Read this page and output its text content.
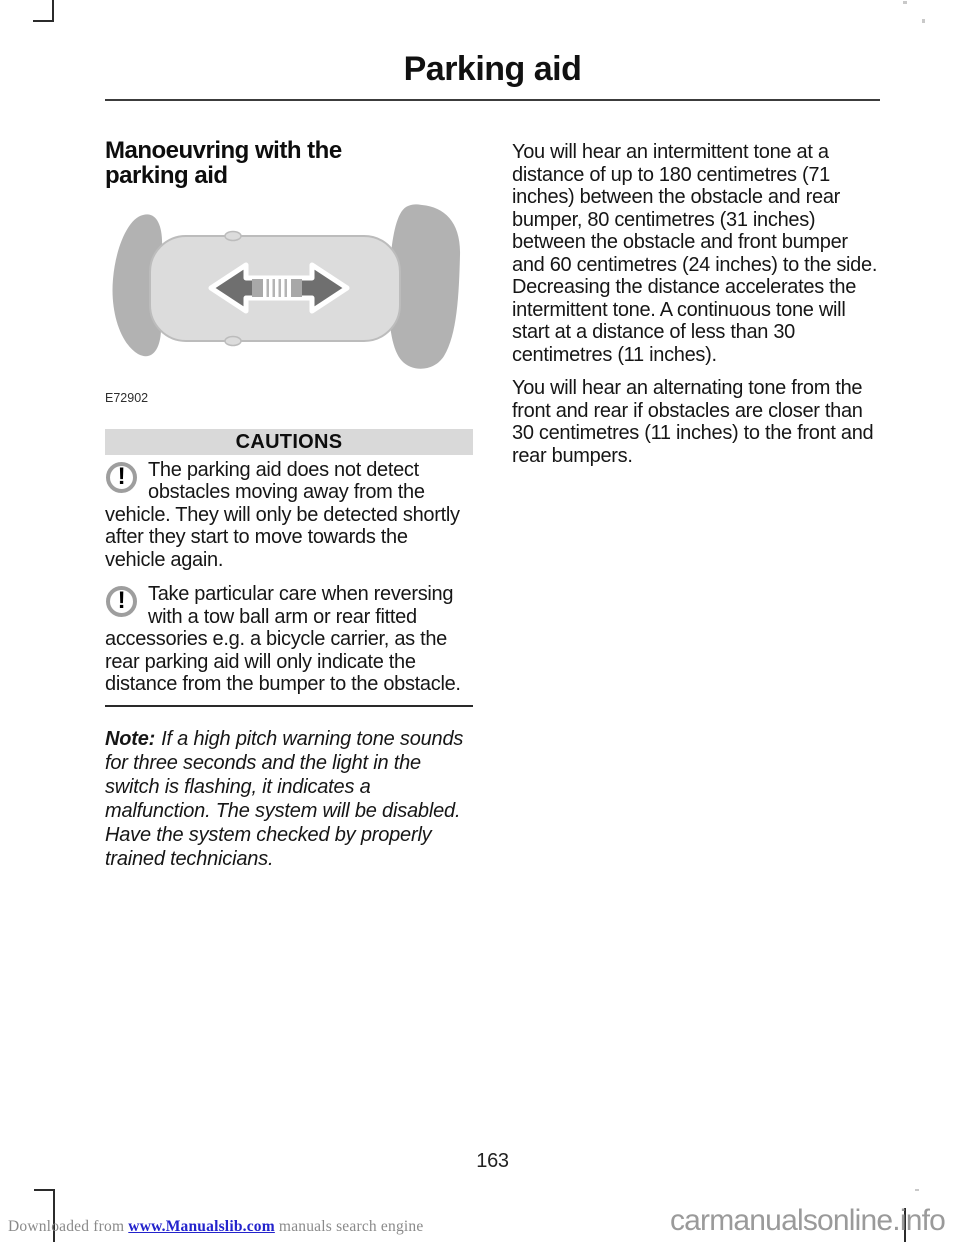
Parking aid
Manoeuvring with the parking aid
E72902
CAUTIONS
!	The parking aid does not detect obstacles moving away from the vehicle. They will only be detected shortly after they start to move towards the vehicle again.
!	Take particular care when reversing with a tow ball arm or rear fitted accessories e.g. a bicycle carrier, as the rear parking aid will only indicate the distance from the bumper to the obstacle.
Note: If a high pitch warning tone sounds for three seconds and the light in the switch is flashing, it indicates a malfunction. The system will be disabled. Have the system checked by properly trained technicians.

You will hear an intermittent tone at a distance of up to 180 centimetres (71 inches) between the obstacle and rear bumper, 80 centimetres (31 inches) between the obstacle and front bumper and 60 centimetres (24 inches) to the side. Decreasing the distance accelerates the intermittent tone. A continuous tone will start at a distance of less than 30 centimetres (11 inches).

You will hear an alternating tone from the front and rear if obstacles are closer than 30 centimetres (11 inches) to the front and rear bumpers.

163
Downloaded from www.Manualslib.com manuals search engine	carmanualsonline.info
